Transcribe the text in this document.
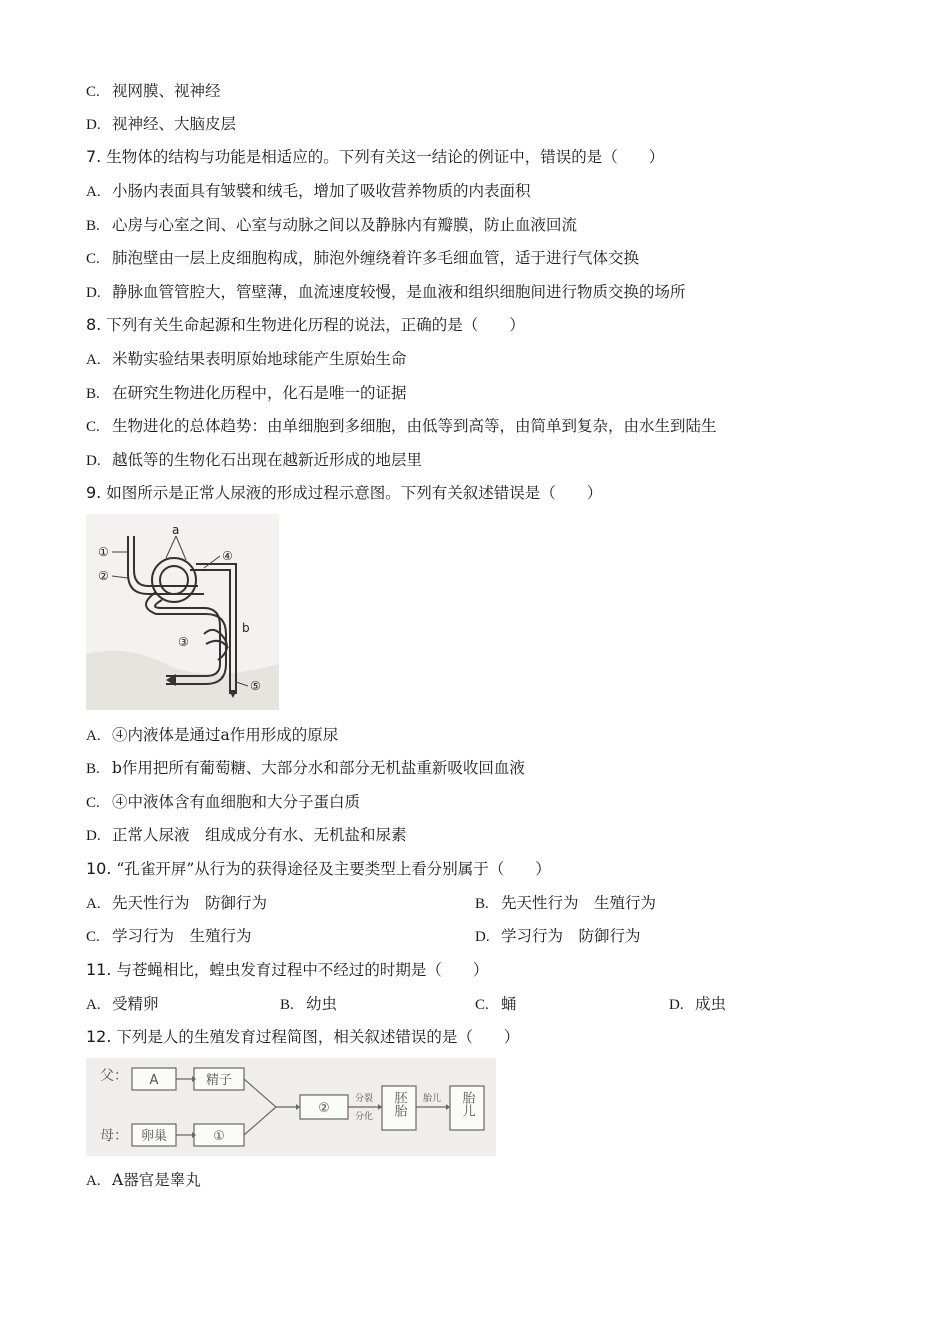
C. 视网膜、视神经
D. 视神经、大脑皮层
7. 生物体的结构与功能是相适应的。下列有关这一结论的例证中，错误的是（　　）
A. 小肠内表面具有皱襞和绒毛，增加了吸收营养物质的内表面积
B. 心房与心室之间、心室与动脉之间以及静脉内有瓣膜，防止血液回流
C. 肺泡壁由一层上皮细胞构成，肺泡外缠绕着许多毛细血管，适于进行气体交换
D. 静脉血管管腔大，管壁薄，血流速度较慢，是血液和组织细胞间进行物质交换的场所
8. 下列有关生命起源和生物进化历程的说法，正确的是（　　）
A. 米勒实验结果表明原始地球能产生原始生命
B. 在研究生物进化历程中，化石是唯一的证据
C. 生物进化的总体趋势：由单细胞到多细胞，由低等到高等，由简单到复杂，由水生到陆生
D. 越低等的生物化石出现在越新近形成的地层里
9. 如图所示是正常人尿液的形成过程示意图。下列有关叙述错误是（　　）
①
②
③
④
⑤
a
b
A. ④内液体是通过a作用形成的原尿
B. b作用把所有葡萄糖、大部分水和部分无机盐重新吸收回血液
C. ④中液体含有血细胞和大分子蛋白质
D. 正常人尿液　组成成分有水、无机盐和尿素
10. “孔雀开屏”从行为的获得途径及主要类型上看分别属于（　　）
A. 先天性行为　防御行为	B. 先天性行为　生殖行为
C. 学习行为　生殖行为	D. 学习行为　防御行为
11. 与苍蝇相比，蝗虫发育过程中不经过的时期是（　　）
A. 受精卵	B. 幼虫	C. 蛹	D. 成虫
12. 下列是人的生殖发育过程简图，相关叙述错误的是（　　）
父：
母：
A	精子
卵巢	①
②
分裂
分化
胎儿
胚胎	胎儿
A. A器官是睾丸
